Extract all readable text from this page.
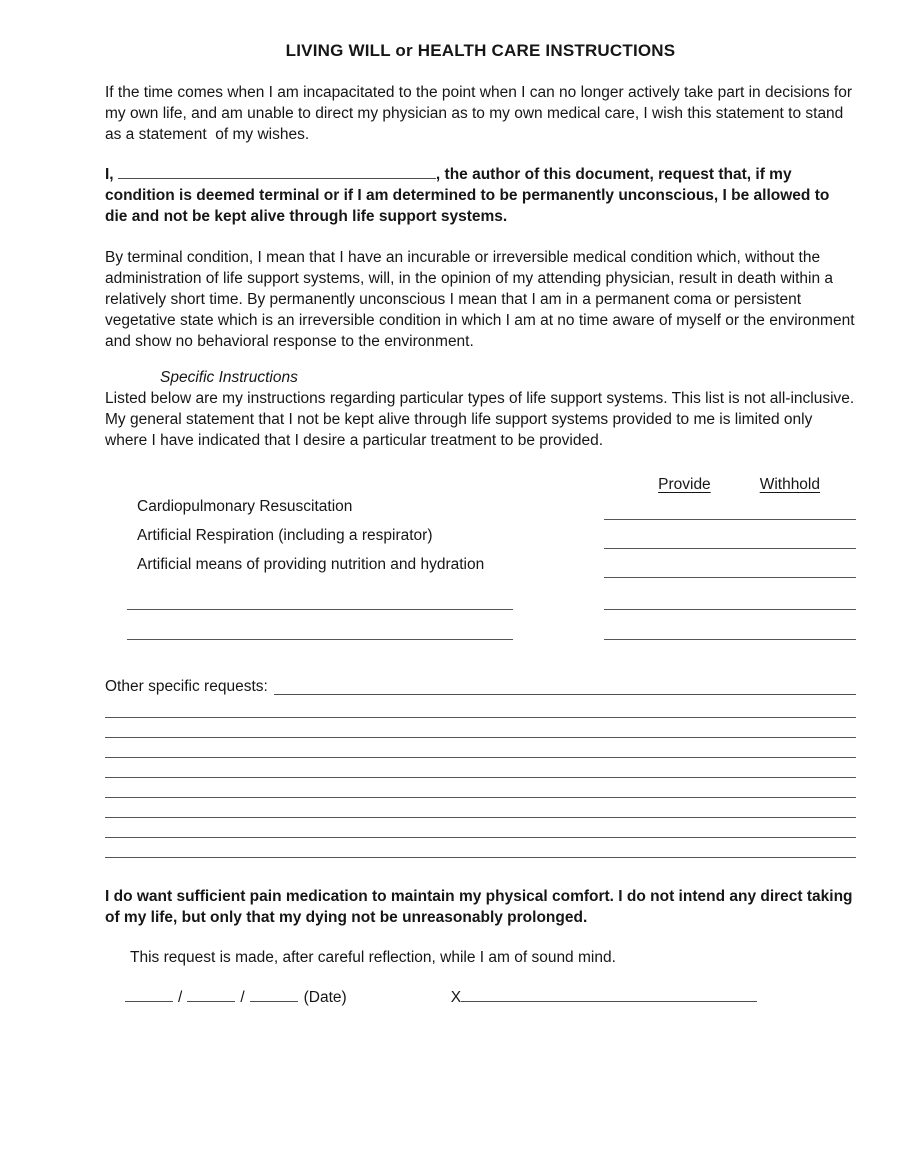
LIVING WILL or HEALTH CARE INSTRUCTIONS

If the time comes when I am incapacitated to the point when I can no longer actively take part in decisions for my own life, and am unable to direct my physician as to my own medical care, I wish this statement to stand as a statement  of my wishes.

I,	, the author of this document, request that, if my condition is deemed terminal or if I am determined to be permanently unconscious, I be allowed to die and not be kept alive through life support systems.

By terminal condition, I mean that I have an incurable or irreversible medical condition which, without the administration of life support systems, will, in the opinion of my attending physician, result in death within a relatively short time. By permanently unconscious I mean that I am in a permanent coma or persistent vegetative state which is an irreversible condition in which I am at no time aware of myself or the environment and show no behavioral response to the environment.

Specific Instructions

Listed below are my instructions regarding particular types of life support systems. This list is not all-inclusive. My general statement that I not be kept alive through life support systems provided to me is limited only where I have indicated that I desire a particular treatment to be provided.

Provide	Withhold
Cardiopulmonary Resuscitation
Artificial Respiration (including a respirator)
Artificial means of providing nutrition and hydration
Other specific requests:

I do want sufficient pain medication to maintain my physical comfort. I do not intend any direct taking of my life, but only that my dying not be unreasonably prolonged.

This request is made, after careful reflection, while I am of sound mind.

/	/	(Date)	X
